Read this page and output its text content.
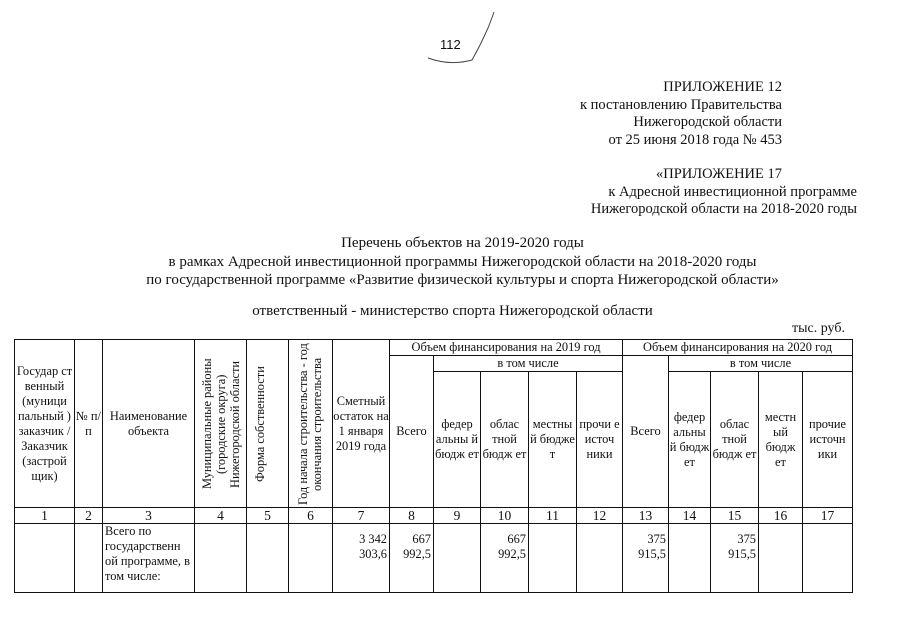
112
ПРИЛОЖЕНИЕ 12
к постановлению Правительства
Нижегородской области
от 25 июня 2018 года № 453
«ПРИЛОЖЕНИЕ 17
к Адресной инвестиционной программе
Нижегородской области на 2018-2020 годы
Перечень объектов на 2019-2020 годы
в рамках Адресной инвестиционной программы Нижегородской области на 2018-2020 годы
по государственной программе «Развитие физической культуры и спорта Нижегородской области»
ответственный - министерство спорта Нижегородской области
тыс. руб.
Государ ст венный (муници пальный ) заказчик / Заказчик (застрой щик)	№ п/п	Наименование объекта	Муниципальные районы (городские округа) Нижегородской области	Форма собственности	Год начала строительства - год окончания строительства	Сметный остаток на 1 января 2019 года	Объем финансирования на 2019 год					Объем финансирования на 2020 год				
							Всего	в том числе				Всего	в том числе			
								федер альны й бюдж ет	облас тной бюдж ет	местны й бюдже т	прочи е источ ники		федер альны й бюдж ет	облас тной бюдж ет	местн ый бюдж ет	прочие источн ики
1	2	3	4	5	6	7	8	9	10	11	12	13	14	15	16	17
		Всего по государственн ой программе, в том числе:				3 342 303,6	667 992,5		667 992,5			375 915,5		375 915,5		
